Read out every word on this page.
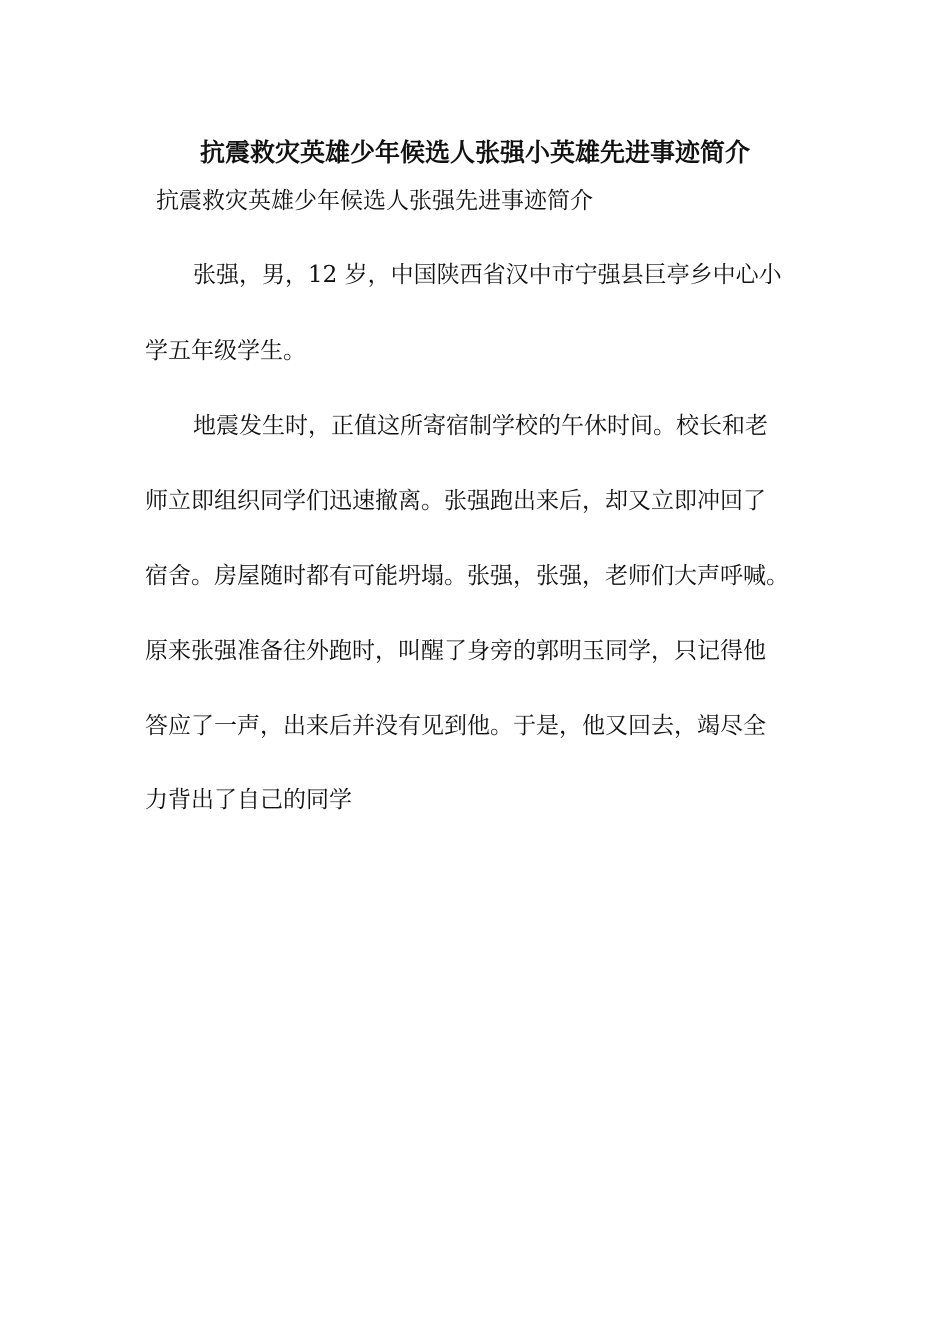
抗震救灾英雄少年候选人张强小英雄先进事迹简介
抗震救灾英雄少年候选人张强先进事迹简介
张强，男，12 岁，中国陕西省汉中市宁强县巨亭乡中心小
学五年级学生。
地震发生时，正值这所寄宿制学校的午休时间。校长和老
师立即组织同学们迅速撤离。张强跑出来后，却又立即冲回了
宿舍。房屋随时都有可能坍塌。张强，张强，老师们大声呼喊。
原来张强准备往外跑时，叫醒了身旁的郭明玉同学，只记得他
答应了一声，出来后并没有见到他。于是，他又回去，竭尽全
力背出了自己的同学
